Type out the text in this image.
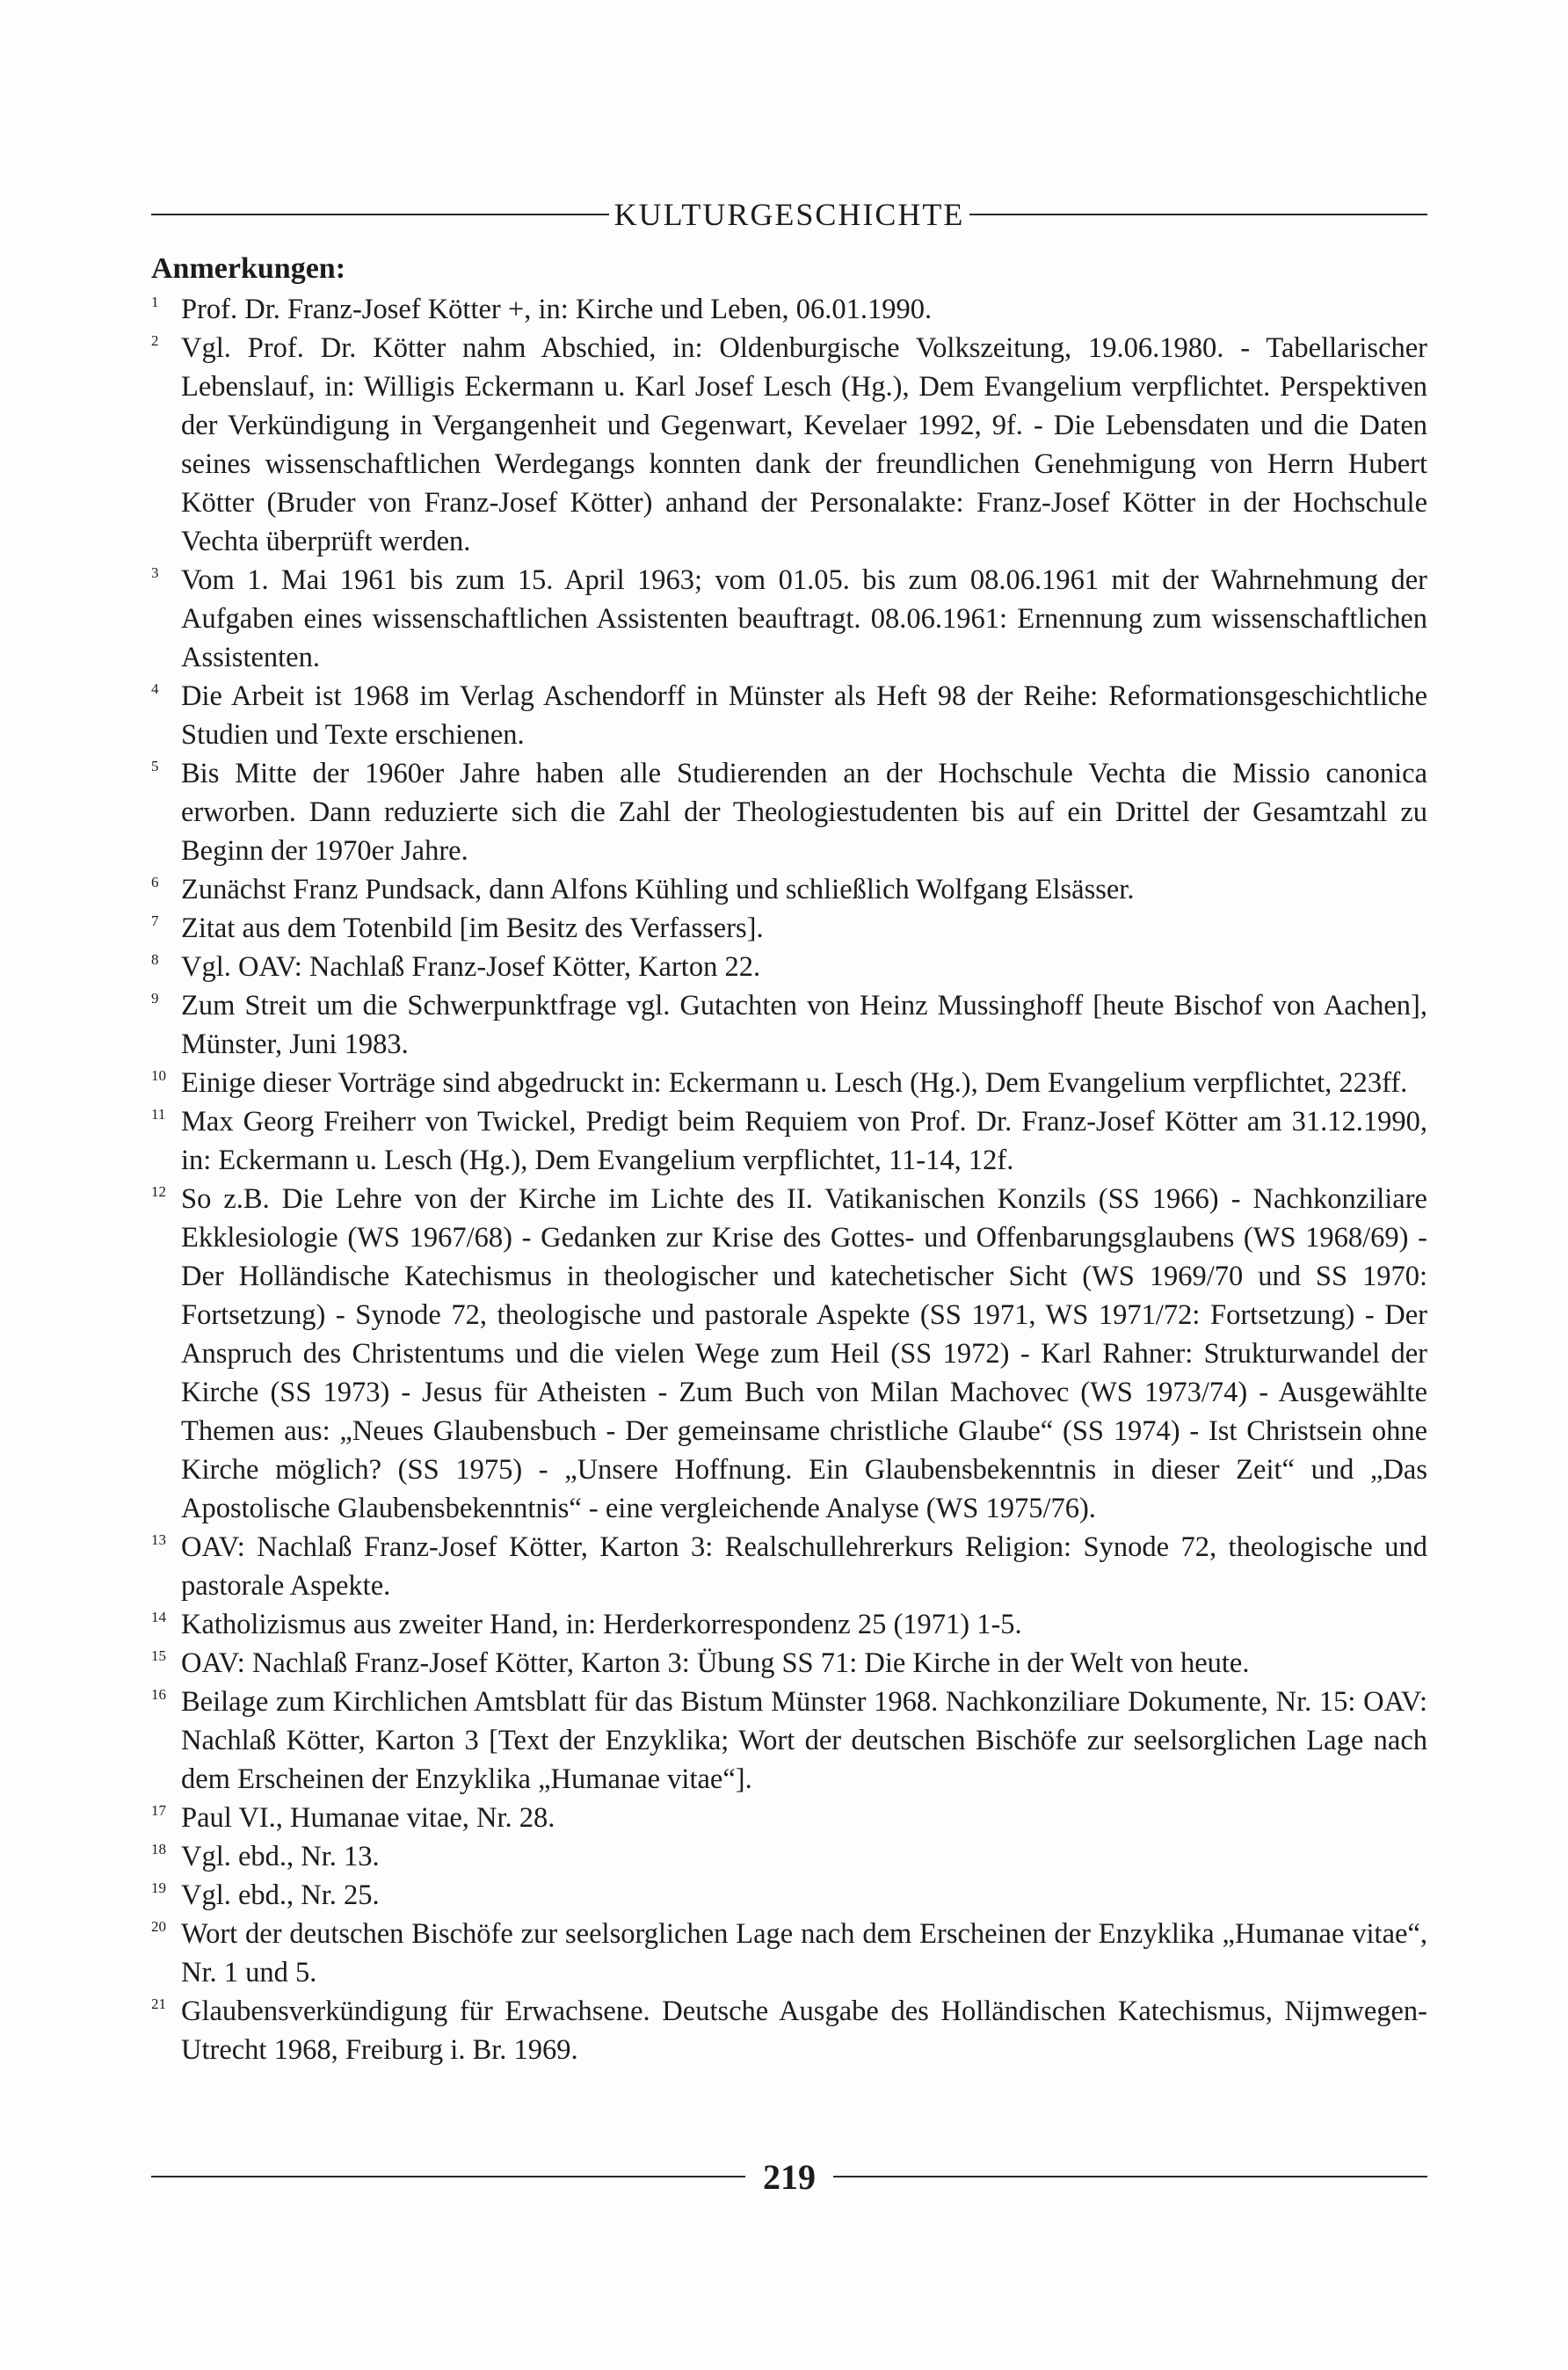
KULTURGESCHICHTE
Anmerkungen:
1 Prof. Dr. Franz-Josef Kötter +, in: Kirche und Leben, 06.01.1990.
2 Vgl. Prof. Dr. Kötter nahm Abschied, in: Oldenburgische Volkszeitung, 19.06.1980. - Tabellarischer Lebenslauf, in: Willigis Eckermann u. Karl Josef Lesch (Hg.), Dem Evangelium verpflichtet. Perspektiven der Verkündigung in Vergangenheit und Gegenwart, Kevelaer 1992, 9f. - Die Lebensdaten und die Daten seines wissenschaftlichen Werdegangs konnten dank der freundlichen Genehmigung von Herrn Hubert Kötter (Bruder von Franz-Josef Kötter) anhand der Personalakte: Franz-Josef Kötter in der Hochschule Vechta überprüft werden.
3 Vom 1. Mai 1961 bis zum 15. April 1963; vom 01.05. bis zum 08.06.1961 mit der Wahrnehmung der Aufgaben eines wissenschaftlichen Assistenten beauftragt. 08.06.1961: Ernennung zum wissenschaftlichen Assistenten.
4 Die Arbeit ist 1968 im Verlag Aschendorff in Münster als Heft 98 der Reihe: Reformationsgeschichtliche Studien und Texte erschienen.
5 Bis Mitte der 1960er Jahre haben alle Studierenden an der Hochschule Vechta die Missio canonica erworben. Dann reduzierte sich die Zahl der Theologiestudenten bis auf ein Drittel der Gesamtzahl zu Beginn der 1970er Jahre.
6 Zunächst Franz Pundsack, dann Alfons Kühling und schließlich Wolfgang Elsässer.
7 Zitat aus dem Totenbild [im Besitz des Verfassers].
8 Vgl. OAV: Nachlaß Franz-Josef Kötter, Karton 22.
9 Zum Streit um die Schwerpunktfrage vgl. Gutachten von Heinz Mussinghoff [heute Bischof von Aachen], Münster, Juni 1983.
10 Einige dieser Vorträge sind abgedruckt in: Eckermann u. Lesch (Hg.), Dem Evangelium verpflichtet, 223ff.
11 Max Georg Freiherr von Twickel, Predigt beim Requiem von Prof. Dr. Franz-Josef Kötter am 31.12.1990, in: Eckermann u. Lesch (Hg.), Dem Evangelium verpflichtet, 11-14, 12f.
12 So z.B. Die Lehre von der Kirche im Lichte des II. Vatikanischen Konzils (SS 1966) - Nachkonziliare Ekklesiologie (WS 1967/68) - Gedanken zur Krise des Gottes- und Offenbarungsglaubens (WS 1968/69) - Der Holländische Katechismus in theologischer und katechetischer Sicht (WS 1969/70 und SS 1970: Fortsetzung) - Synode 72, theologische und pastorale Aspekte (SS 1971, WS 1971/72: Fortsetzung) - Der Anspruch des Christentums und die vielen Wege zum Heil (SS 1972) - Karl Rahner: Strukturwandel der Kirche (SS 1973) - Jesus für Atheisten - Zum Buch von Milan Machovec (WS 1973/74) - Ausgewählte Themen aus: „Neues Glaubensbuch - Der gemeinsame christliche Glaube“ (SS 1974) - Ist Christsein ohne Kirche möglich? (SS 1975) - „Unsere Hoffnung. Ein Glaubensbekenntnis in dieser Zeit“ und „Das Apostolische Glaubensbekenntnis“ - eine vergleichende Analyse (WS 1975/76).
13 OAV: Nachlaß Franz-Josef Kötter, Karton 3: Realschullehrerkurs Religion: Synode 72, theologische und pastorale Aspekte.
14 Katholizismus aus zweiter Hand, in: Herderkorrespondenz 25 (1971) 1-5.
15 OAV: Nachlaß Franz-Josef Kötter, Karton 3: Übung SS 71: Die Kirche in der Welt von heute.
16 Beilage zum Kirchlichen Amtsblatt für das Bistum Münster 1968. Nachkonziliare Dokumente, Nr. 15: OAV: Nachlaß Kötter, Karton 3 [Text der Enzyklika; Wort der deutschen Bischöfe zur seelsorglichen Lage nach dem Erscheinen der Enzyklika „Humanae vitae“].
17 Paul VI., Humanae vitae, Nr. 28.
18 Vgl. ebd., Nr. 13.
19 Vgl. ebd., Nr. 25.
20 Wort der deutschen Bischöfe zur seelsorglichen Lage nach dem Erscheinen der Enzyklika „Humanae vitae“, Nr. 1 und 5.
21 Glaubensverkündigung für Erwachsene. Deutsche Ausgabe des Holländischen Katechismus, Nijmwegen-Utrecht 1968, Freiburg i. Br. 1969.
219
